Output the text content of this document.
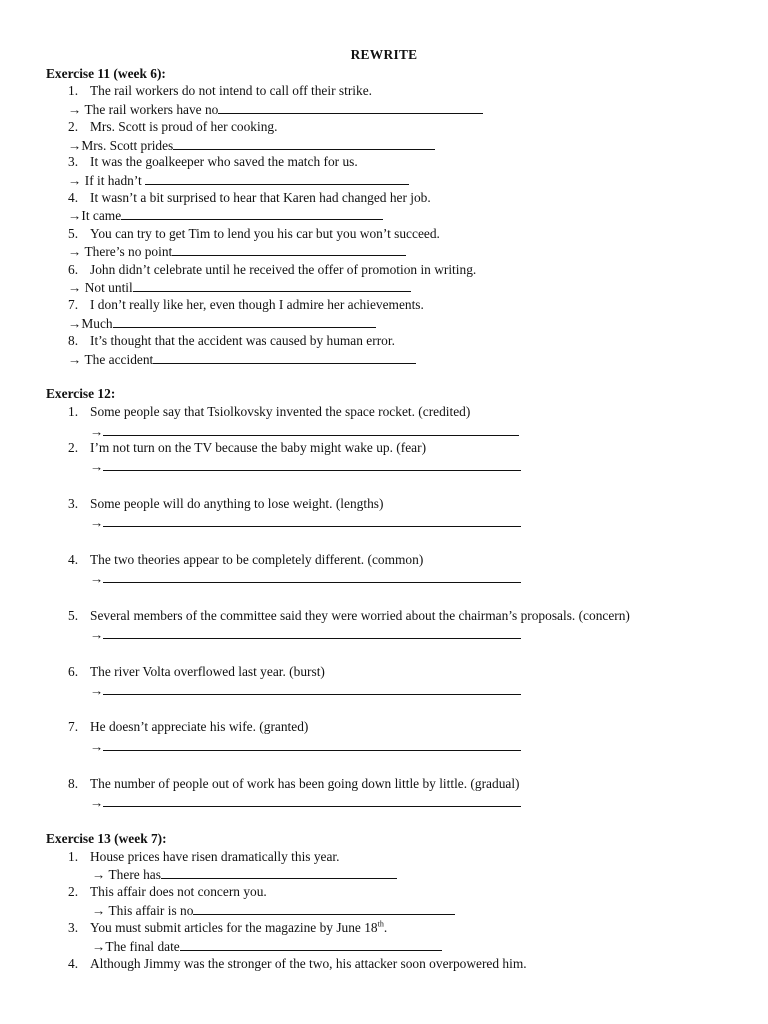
REWRITE
Exercise 11 (week 6):
1. The rail workers do not intend to call off their strike.
→ The rail workers have no
2. Mrs. Scott is proud of her cooking.
→Mrs. Scott prides
3. It was the goalkeeper who saved the match for us.
→ If it hadn’t
4. It wasn’t a bit surprised to hear that Karen had changed her job.
→It came
5. You can try to get Tim to lend you his car but you won’t succeed.
→ There’s no point
6. John didn’t celebrate until he received the offer of promotion in writing.
→ Not until
7. I don’t really like her, even though I admire her achievements.
→Much
8. It’s thought that the accident was caused by human error.
→ The accident
Exercise 12:
1. Some people say that Tsiolkovsky invented the space rocket. (credited)
→
2. I’m not turn on the TV because the baby might wake up. (fear)
→
3. Some people will do anything to lose weight. (lengths)
→
4. The two theories appear to be completely different. (common)
→
5. Several members of the committee said they were worried about the chairman’s proposals. (concern)
→
6. The river Volta overflowed last year. (burst)
→
7. He doesn’t appreciate his wife. (granted)
→
8. The number of people out of work has been going down little by little. (gradual)
→
Exercise 13 (week 7):
1. House prices have risen dramatically this year.
→ There has
2. This affair does not concern you.
→ This affair is no
3. You must submit articles for the magazine by June 18th.
→The final date
4. Although Jimmy was the stronger of the two, his attacker soon overpowered him.
